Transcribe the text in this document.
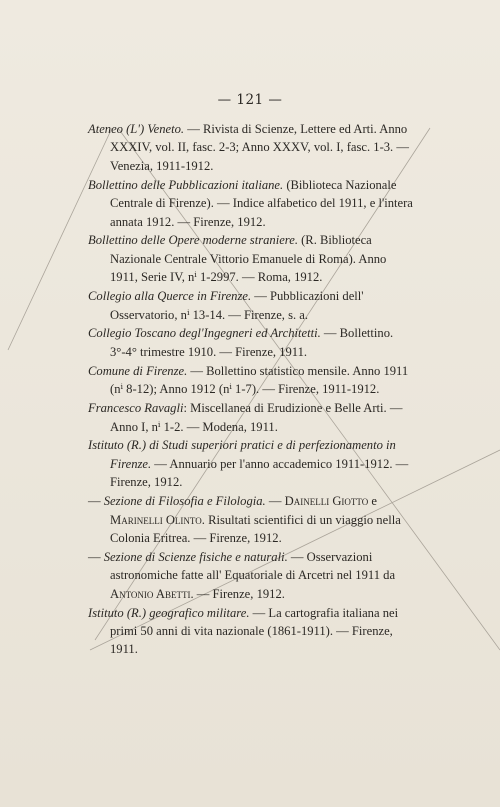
— 121 —
Ateneo (L') Veneto. — Rivista di Scienze, Lettere ed Arti. Anno XXXIV, vol. II, fasc. 2-3; Anno XXXV, vol. I, fasc. 1-3. — Venezia, 1911-1912.
Bollettino delle Pubblicazioni italiane. (Biblioteca Nazionale Centrale di Firenze). — Indice alfabetico del 1911, e l'intera annata 1912. — Firenze, 1912.
Bollettino delle Opere moderne straniere. (R. Biblioteca Nazionale Centrale Vittorio Emanuele di Roma). Anno 1911, Serie IV, nⁱ 1-2997. — Roma, 1912.
Collegio alla Querce in Firenze. — Pubblicazioni dell' Osservatorio, nⁱ 13-14. — Firenze, s. a.
Collegio Toscano degl'Ingegneri ed Architetti. — Bollettino. 3°-4° trimestre 1910. — Firenze, 1911.
Comune di Firenze. — Bollettino statistico mensile. Anno 1911 (nⁱ 8-12); Anno 1912 (nⁱ 1-7). — Firenze, 1911-1912.
Francesco Ravagli: Miscellanea di Erudizione e Belle Arti. — Anno I, nⁱ 1-2. — Modena, 1911.
Istituto (R.) di Studi superiori pratici e di perfezionamento in Firenze. — Annuario per l'anno accademico 1911-1912. — Firenze, 1912.
— Sezione di Filosofia e Filologia. — Dainelli Giotto e Marinelli Olinto. Risultati scientifici di un viaggio nella Colonia Eritrea. — Firenze, 1912.
— Sezione di Scienze fisiche e naturali. — Osservazioni astronomiche fatte all' Equatoriale di Arcetri nel 1911 da Antonio Abetti. — Firenze, 1912.
Istituto (R.) geografico militare. — La cartografia italiana nei primi 50 anni di vita nazionale (1861-1911). — Firenze, 1911.
